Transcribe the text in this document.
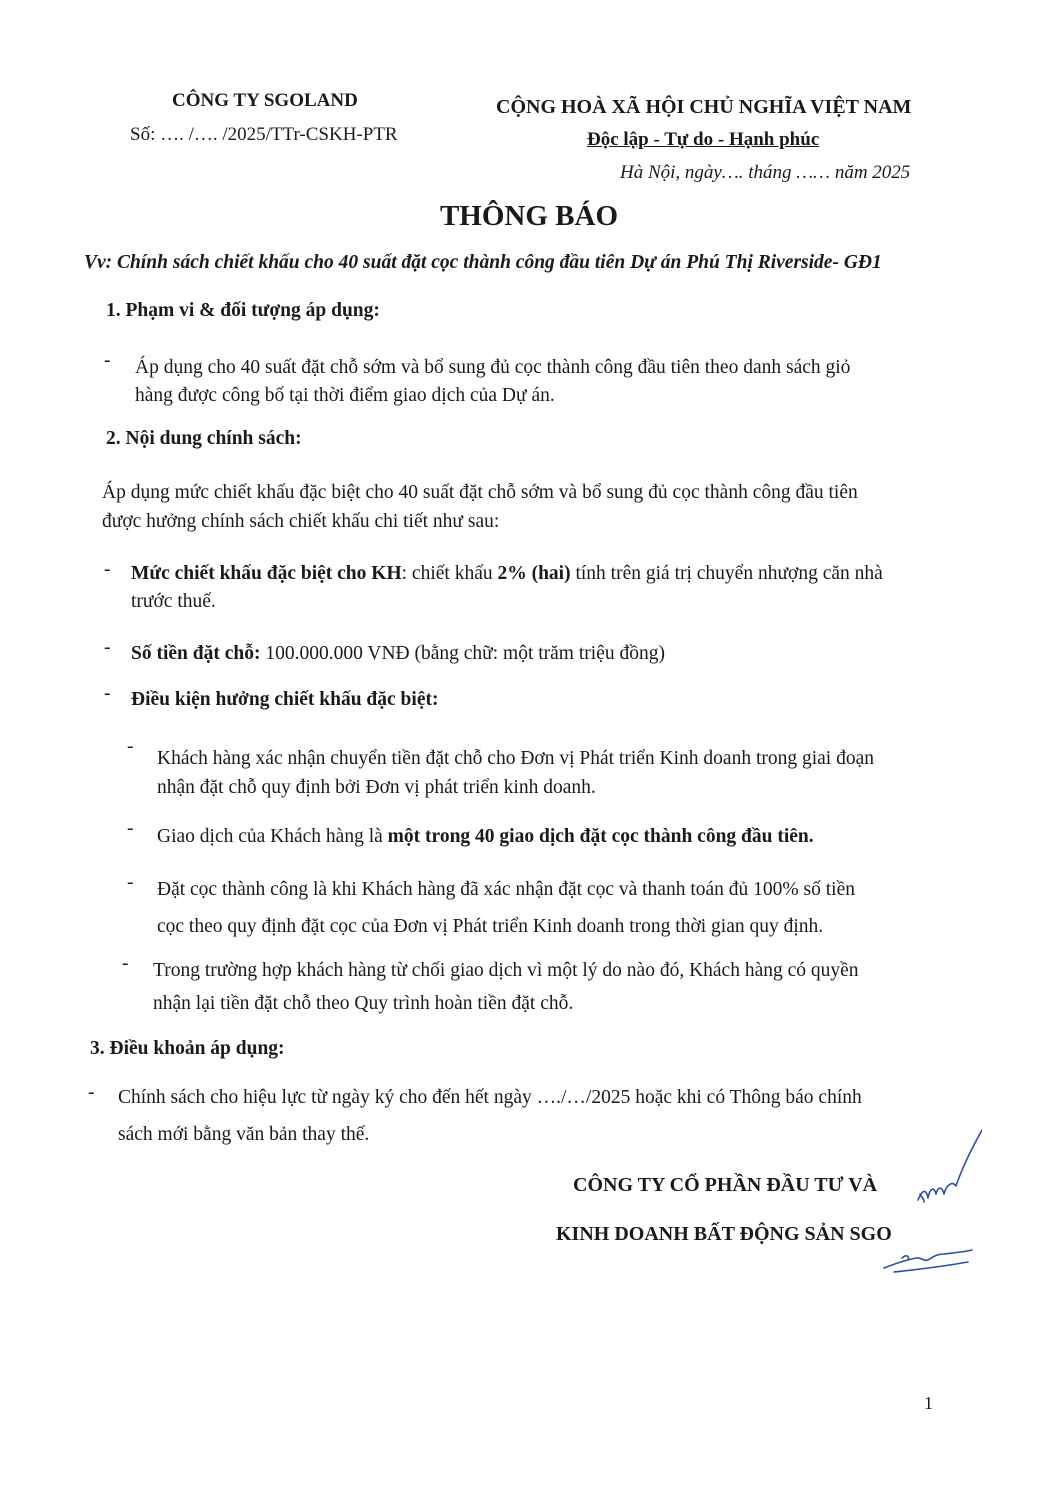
CÔNG TY SGOLAND
Số: …. /…. /2025/TTr-CSKH-PTR
CỘNG HOÀ XÃ HỘI CHỦ NGHĨA VIỆT NAM
Độc lập - Tự do - Hạnh phúc
Hà Nội, ngày…. tháng …… năm 2025
THÔNG BÁO
Vv: Chính sách chiết khấu cho 40 suất đặt cọc thành công đầu tiên Dự án Phú Thị Riverside- GĐ1
1. Phạm vi & đối tượng áp dụng:
- Áp dụng cho 40 suất đặt chỗ sớm và bổ sung đủ cọc thành công đầu tiên theo danh sách giỏ
hàng được công bố tại thời điểm giao dịch của Dự án.
2. Nội dung chính sách:
Áp dụng mức chiết khấu đặc biệt cho 40 suất đặt chỗ sớm và bổ sung đủ cọc thành công đầu tiên
được hưởng chính sách chiết khấu chi tiết như sau:
- Mức chiết khấu đặc biệt cho KH: chiết khấu 2% (hai) tính trên giá trị chuyển nhượng căn nhà
trước thuế.
- Số tiền đặt chỗ: 100.000.000 VNĐ (bằng chữ: một trăm triệu đồng)
- Điều kiện hưởng chiết khấu đặc biệt:
-
Khách hàng xác nhận chuyển tiền đặt chỗ cho Đơn vị Phát triển Kinh doanh trong giai đoạn
nhận đặt chỗ quy định bởi Đơn vị phát triển kinh doanh.
- Giao dịch của Khách hàng là một trong 40 giao dịch đặt cọc thành công đầu tiên.
- Đặt cọc thành công là khi Khách hàng đã xác nhận đặt cọc và thanh toán đủ 100% số tiền
cọc theo quy định đặt cọc của Đơn vị Phát triển Kinh doanh trong thời gian quy định.
- Trong trường hợp khách hàng từ chối giao dịch vì một lý do nào đó, Khách hàng có quyền
nhận lại tiền đặt chỗ theo Quy trình hoàn tiền đặt chỗ.
3. Điều khoản áp dụng:
- Chính sách cho hiệu lực từ ngày ký cho đến hết ngày …./…/2025 hoặc khi có Thông báo chính
sách mới bằng văn bản thay thế.
CÔNG TY CỔ PHẦN ĐẦU TƯ VÀ
KINH DOANH BẤT ĐỘNG SẢN SGO
1
